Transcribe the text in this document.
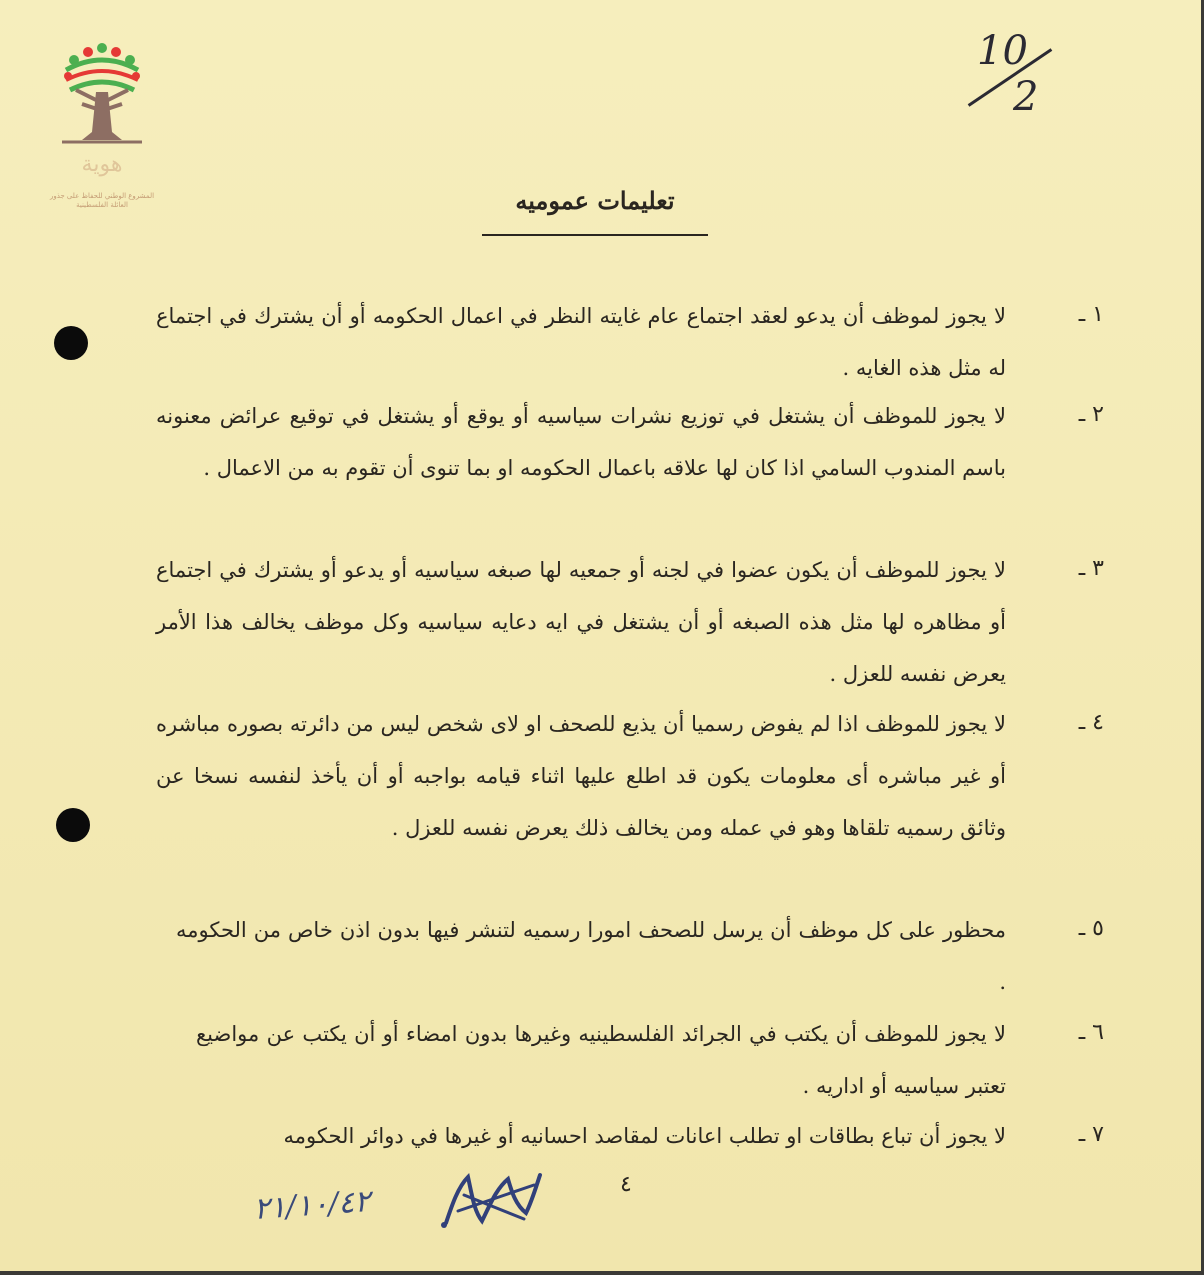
هوية
المشروع الوطني للحفاظ على جذور العائلة الفلسطينية
10
2
تعليمات عموميه
١ ـ
لا يجوز لموظف أن يدعو لعقد اجتماع عام غايته النظر في اعمال الحكومه أو أن يشترك في اجتماع له مثل هذه الغايه .
٢ ـ
لا يجوز للموظف أن يشتغل في توزيع نشرات سياسيه أو يوقع أو يشتغل في توقيع عرائض معنونه باسم المندوب السامي اذا كان لها علاقه باعمال الحكومه او بما تنوى أن تقوم به من الاعمال .
٣ ـ
لا يجوز للموظف أن يكون عضوا في لجنه أو جمعيه لها صبغه سياسيه أو يدعو أو يشترك في اجتماع أو مظاهره لها مثل هذه الصبغه أو أن يشتغل في ايه دعايه سياسيه وكل موظف يخالف هذا الأمر يعرض نفسه للعزل .
٤ ـ
لا يجوز للموظف اذا لم يفوض رسميا أن يذيع للصحف او لاى شخص ليس من دائرته بصوره مباشره أو غير مباشره أى معلومات يكون قد اطلع عليها اثناء قيامه بواجبه أو أن يأخذ لنفسه نسخا عن وثائق رسميه تلقاها وهو في عمله ومن يخالف ذلك يعرض نفسه للعزل .
٥ ـ
محظور على كل موظف أن يرسل للصحف امورا رسميه لتنشر فيها بدون اذن خاص من الحكومه .
٦ ـ
لا يجوز للموظف أن يكتب في الجرائد الفلسطينيه وغيرها بدون امضاء أو أن يكتب عن مواضيع تعتبر سياسيه أو اداريه .
٧ ـ
لا يجوز أن تباع بطاقات او تطلب اعانات لمقاصد احسانيه أو غيرها في دوائر الحكومه
٤
٢١/١٠/٤٢
